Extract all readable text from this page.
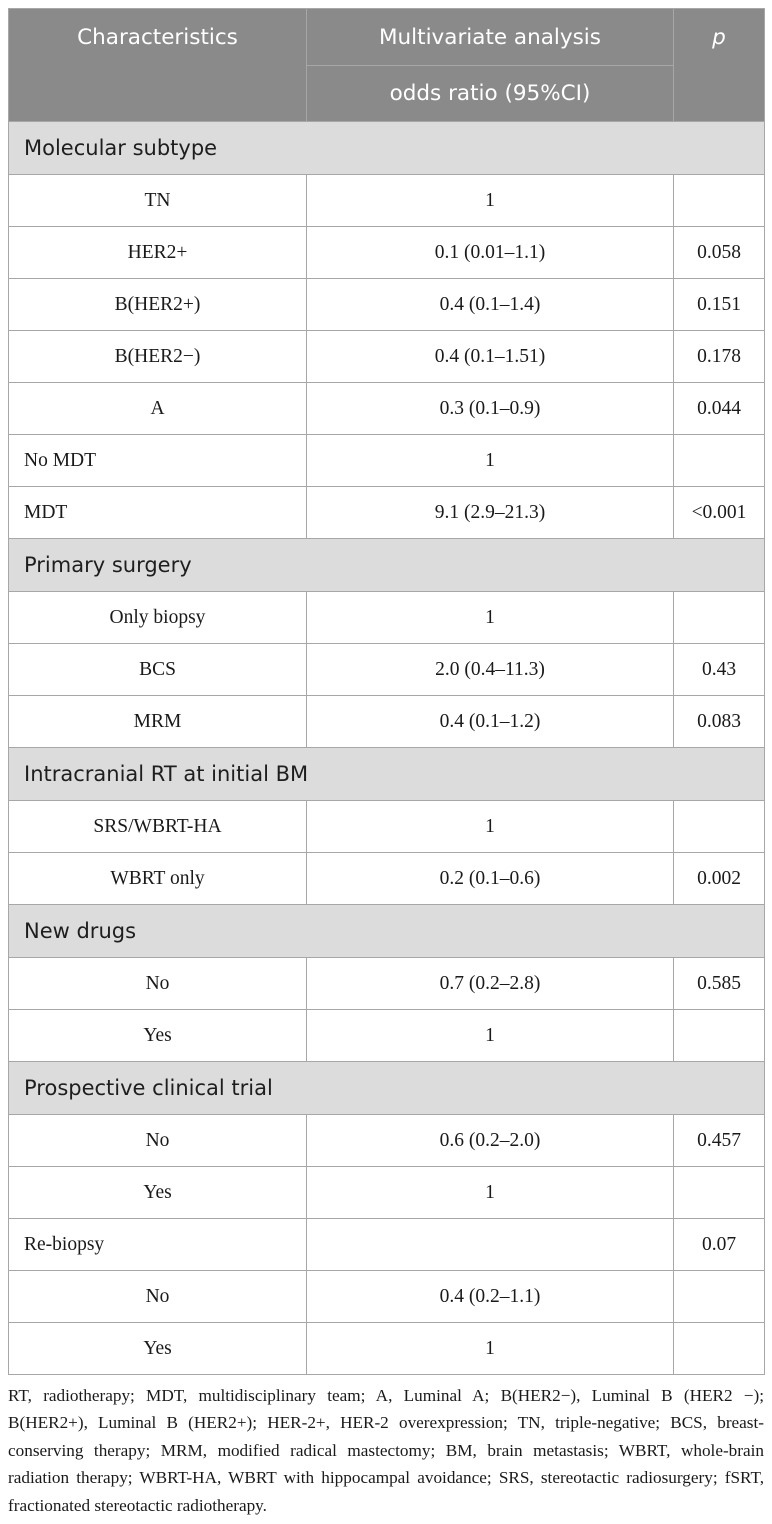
Characteristics	Multivariate analysis	p
	odds ratio (95%CI)	
Molecular subtype		
TN	1	
HER2+	0.1 (0.01–1.1)	0.058
B(HER2+)	0.4 (0.1–1.4)	0.151
B(HER2−)	0.4 (0.1–1.51)	0.178
A	0.3 (0.1–0.9)	0.044
No MDT	1	
MDT	9.1 (2.9–21.3)	<0.001
Primary surgery		
Only biopsy	1	
BCS	2.0 (0.4–11.3)	0.43
MRM	0.4 (0.1–1.2)	0.083
Intracranial RT at initial BM		
SRS/WBRT-HA	1	
WBRT only	0.2 (0.1–0.6)	0.002
New drugs		
No	0.7 (0.2–2.8)	0.585
Yes	1	
Prospective clinical trial		
No	0.6 (0.2–2.0)	0.457
Yes	1	
Re-biopsy		0.07
No	0.4 (0.2–1.1)	
Yes	1	

RT, radiotherapy; MDT, multidisciplinary team; A, Luminal A; B(HER2−), Luminal B (HER2 −); B(HER2+), Luminal B (HER2+); HER-2+, HER-2 overexpression; TN, triple-negative; BCS, breast-conserving therapy; MRM, modified radical mastectomy; BM, brain metastasis; WBRT, whole-brain radiation therapy; WBRT-HA, WBRT with hippocampal avoidance; SRS, stereotactic radiosurgery; fSRT, fractionated stereotactic radiotherapy.
